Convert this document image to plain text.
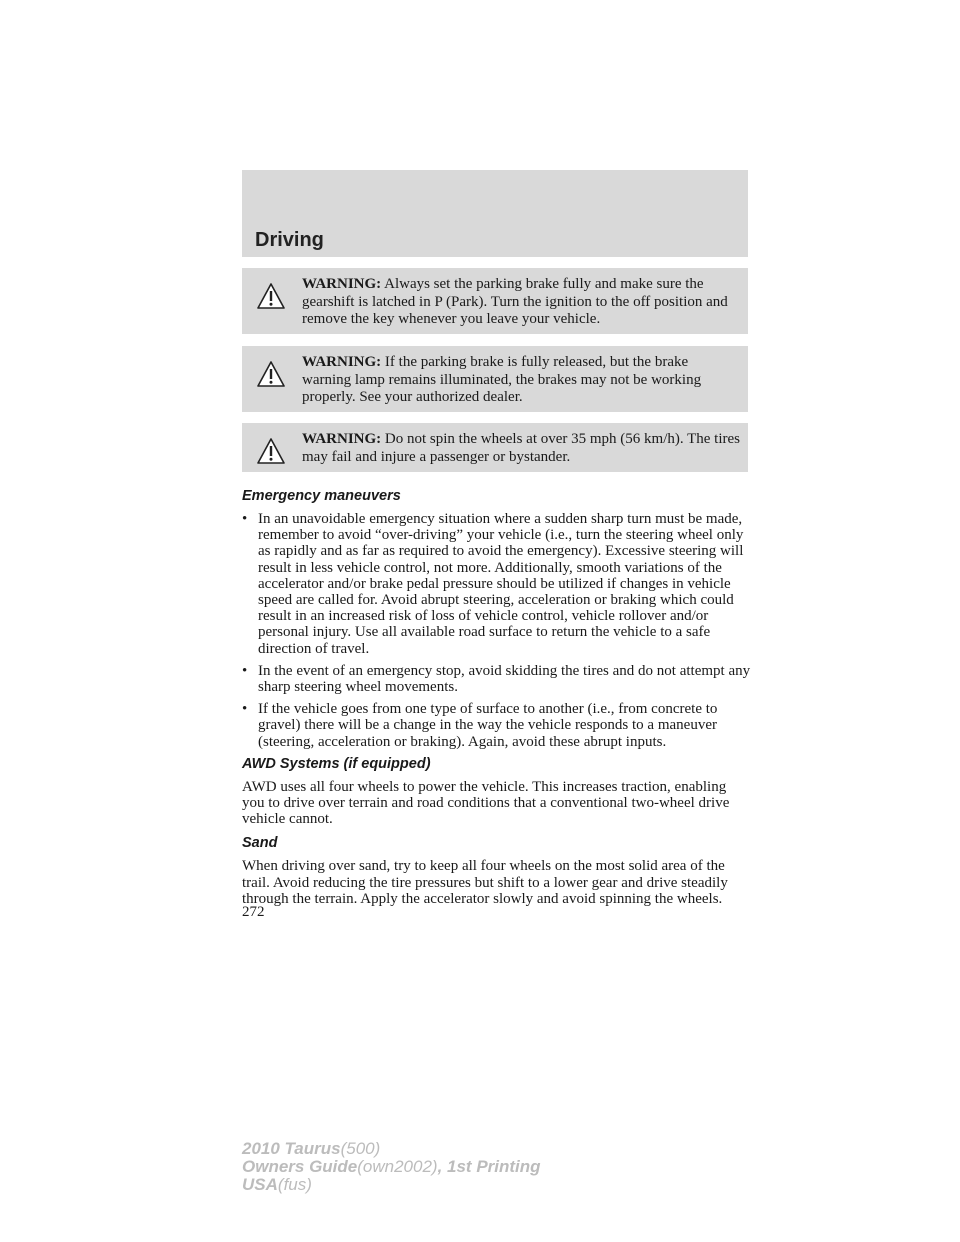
Driving
WARNING: Always set the parking brake fully and make sure the gearshift is latched in P (Park). Turn the ignition to the off position and remove the key whenever you leave your vehicle.
WARNING: If the parking brake is fully released, but the brake warning lamp remains illuminated, the brakes may not be working properly. See your authorized dealer.
WARNING: Do not spin the wheels at over 35 mph (56 km/h). The tires may fail and injure a passenger or bystander.
Emergency maneuvers
• In an unavoidable emergency situation where a sudden sharp turn must be made, remember to avoid “over-driving” your vehicle (i.e., turn the steering wheel only as rapidly and as far as required to avoid the emergency). Excessive steering will result in less vehicle control, not more. Additionally, smooth variations of the accelerator and/or brake pedal pressure should be utilized if changes in vehicle speed are called for. Avoid abrupt steering, acceleration or braking which could result in an increased risk of loss of vehicle control, vehicle rollover and/or personal injury. Use all available road surface to return the vehicle to a safe direction of travel.
• In the event of an emergency stop, avoid skidding the tires and do not attempt any sharp steering wheel movements.
• If the vehicle goes from one type of surface to another (i.e., from concrete to gravel) there will be a change in the way the vehicle responds to a maneuver (steering, acceleration or braking). Again, avoid these abrupt inputs.
AWD Systems (if equipped)
AWD uses all four wheels to power the vehicle. This increases traction, enabling you to drive over terrain and road conditions that a conventional two-wheel drive vehicle cannot.
Sand
When driving over sand, try to keep all four wheels on the most solid area of the trail. Avoid reducing the tire pressures but shift to a lower gear and drive steadily through the terrain. Apply the accelerator slowly and avoid spinning the wheels.
272
2010 Taurus(500)
Owners Guide(own2002), 1st Printing
USA(fus)
